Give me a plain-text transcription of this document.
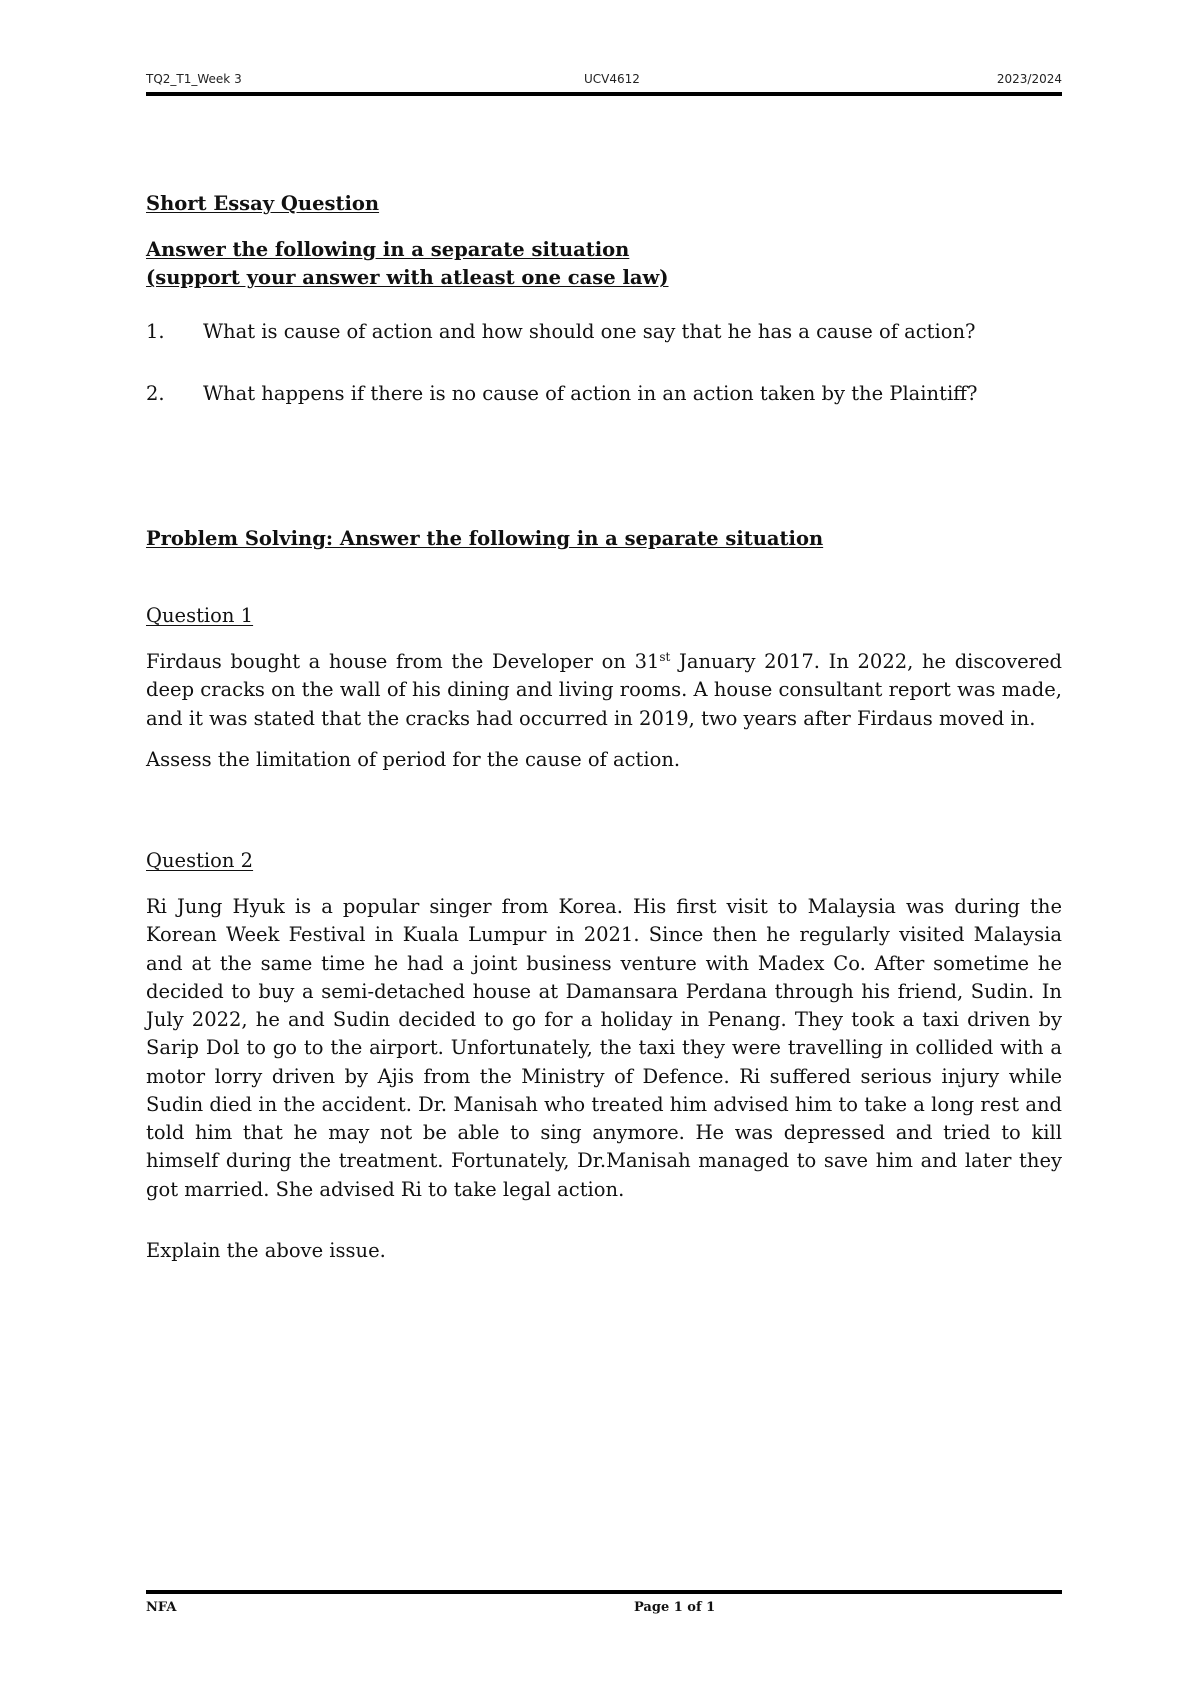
TQ2_T1_Week 3	UCV4612	2023/2024
Short Essay Question
Answer the following in a separate situation
(support your answer with atleast one case law)
1. What is cause of action and how should one say that he has a cause of action?
2. What happens if there is no cause of action in an action taken by the Plaintiff?
Problem Solving: Answer the following in a separate situation
Question 1
Firdaus bought a house from the Developer on 31st January 2017. In 2022, he discovered deep cracks on the wall of his dining and living rooms. A house consultant report was made, and it was stated that the cracks had occurred in 2019, two years after Firdaus moved in.
Assess the limitation of period for the cause of action.
Question 2
Ri Jung Hyuk is a popular singer from Korea. His first visit to Malaysia was during the Korean Week Festival in Kuala Lumpur in 2021. Since then he regularly visited Malaysia and at the same time he had a joint business venture with Madex Co. After sometime he decided to buy a semi-detached house at Damansara Perdana through his friend, Sudin. In July 2022, he and Sudin decided to go for a holiday in Penang. They took a taxi driven by Sarip Dol to go to the airport. Unfortunately, the taxi they were travelling in collided with a motor lorry driven by Ajis from the Ministry of Defence. Ri suffered serious injury while Sudin died in the accident. Dr. Manisah who treated him advised him to take a long rest and told him that he may not be able to sing anymore. He was depressed and tried to kill himself during the treatment. Fortunately, Dr.Manisah managed to save him and later they got married. She advised Ri to take legal action.
Explain the above issue.
NFA	Page 1 of 1
